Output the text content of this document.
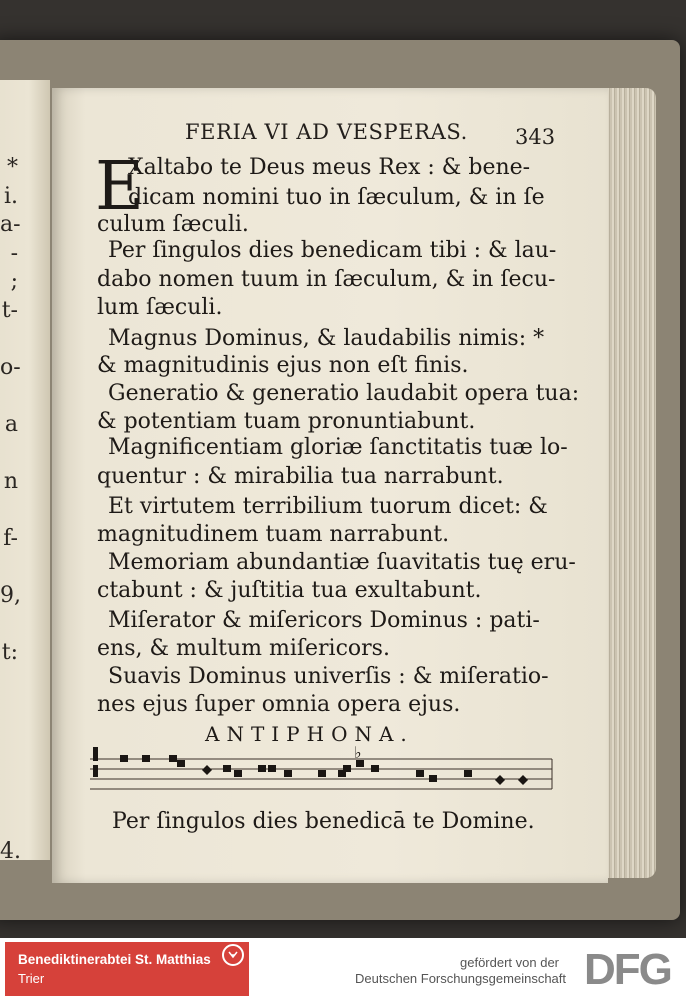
*
i.
a-
-
;
t-
o-
a
n
f-
9,
t:
4.
FERIA VI AD VESPERAS. 343
E
Xaltabo te Deus meus Rex : & bene-
dicam nomini tuo in ſæculum, & in ſe
culum ſæculi.
Per ſingulos dies benedicam tibi : & lau-
dabo nomen tuum in ſæculum, & in ſecu-
lum ſæculi.
Magnus Dominus, & laudabilis nimis: *
& magnitudinis ejus non eſt finis.
Generatio & generatio laudabit opera tua:
& potentiam tuam pronuntiabunt.
Magnificentiam gloriæ ſanctitatis tuæ lo-
quentur : & mirabilia tua narrabunt.
Et virtutem terribilium tuorum dicet: &
magnitudinem tuam narrabunt.
Memoriam abundantiæ ſuavitatis tuę eru-
ctabunt : & juſtitia tua exultabunt.
Miſerator & miſericors Dominus : pati-
ens, & multum miſericors.
Suavis Dominus univerſis : & miſeratio-
nes ejus ſuper omnia opera ejus.
ANTIPHONA.
♭
Per ſingulos dies benedicā te Domine.
Benediktinerabtei St. Matthias
Trier
gefördert von der
Deutschen Forschungsgemeinschaft DFG
